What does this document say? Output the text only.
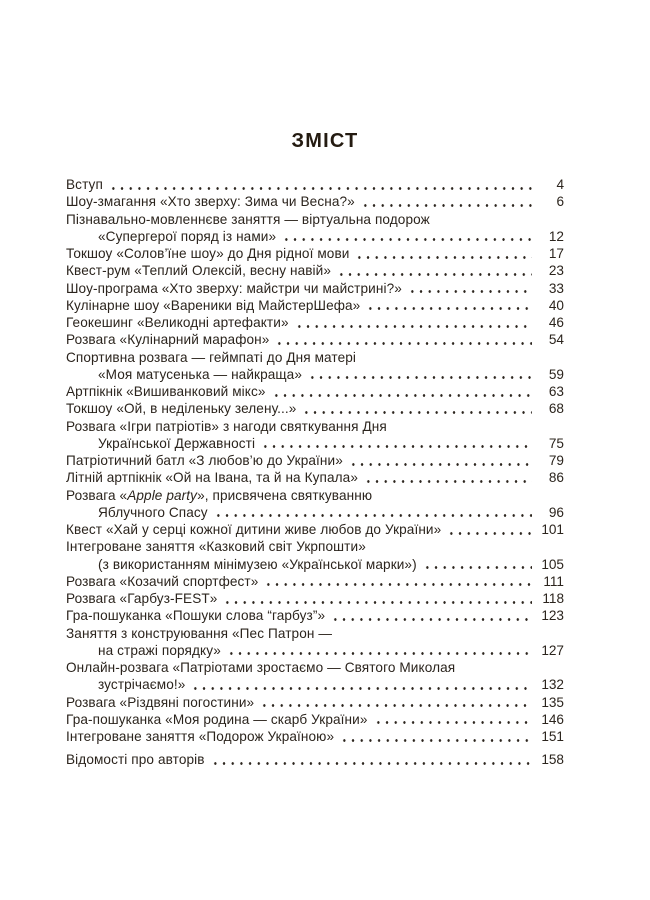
ЗМІСТ
Вступ	4
Шоу-змагання «Хто зверху: Зима чи Весна?»	6
Пізнавально-мовленнєве заняття — віртуальна подорож
«Супергерої поряд із нами»	12
Токшоу «Солов’їне шоу» до Дня рідної мови	17
Квест-рум «Теплий Олексій, весну навій»	23
Шоу-програма «Хто зверху: майстри чи майстрині?»	33
Кулінарне шоу «Вареники від МайстерШефа»	40
Геокешинг «Великодні артефакти»	46
Розвага «Кулінарний марафон»	54
Спортивна розвага — геймпаті до Дня матері
«Моя матусенька — найкраща»	59
Артпікнік «Вишиванковий мікс»	63
Токшоу «Ой, в неділеньку зелену...»	68
Розвага «Ігри патріотів» з нагоди святкування Дня
Української Державності	75
Патріотичний батл «З любов’ю до України»	79
Літній артпікнік «Ой на Івана, та й на Купала»	86
Розвага «Apple party», присвячена святкуванню
Яблучного Спасу	96
Квест «Хай у серці кожної дитини живе любов до України»	101
Інтегроване заняття «Казковий світ Укрпошти»
(з використанням мінімузею «Української марки»)	105
Розвага «Козачий спортфест»	111
Розвага «Гарбуз-FEST»	118
Гра-пошуканка «Пошуки слова “гарбуз”»	123
Заняття з конструювання «Пес Патрон —
на стражі порядку»	127
Онлайн-розвага «Патріотами зростаємо — Святого Миколая
зустрічаємо!»	132
Розвага «Різдвяні погостини»	135
Гра-пошуканка «Моя родина — скарб України»	146
Інтегроване заняття «Подорож Україною»	151
Відомості про авторів	158
